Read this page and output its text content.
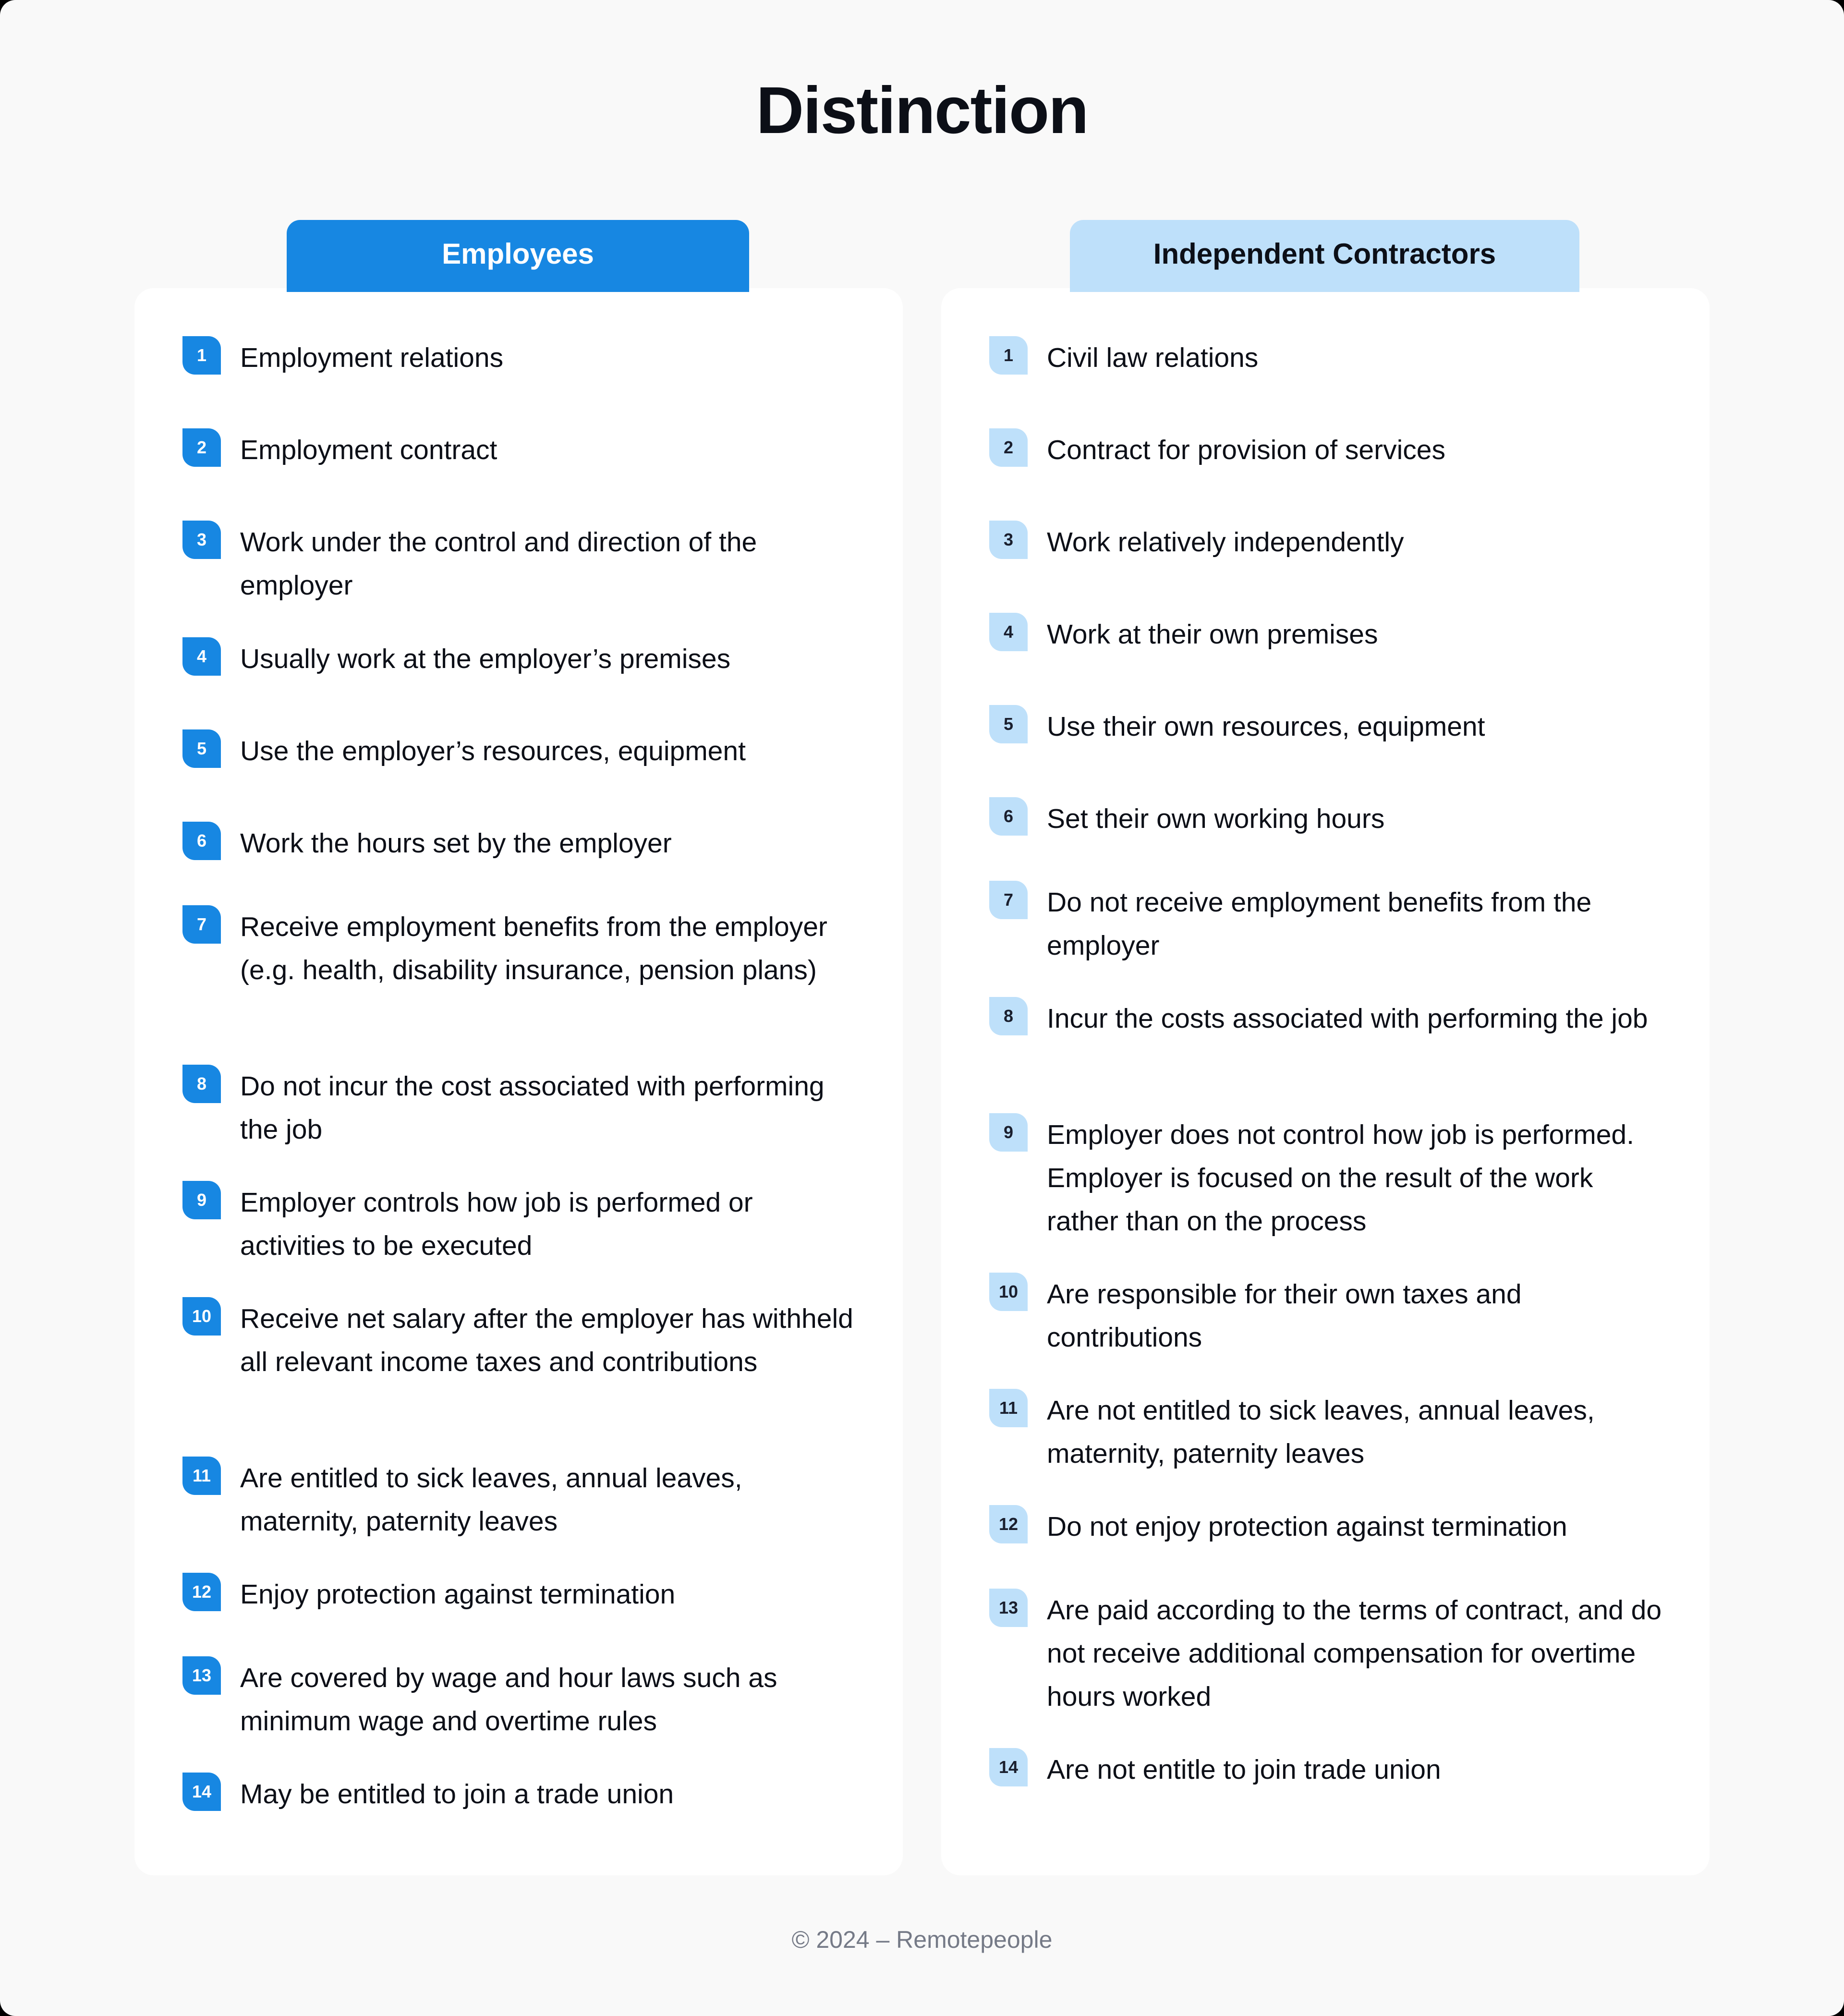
Distinction
1	Employment relations
2	Employment contract
3	Work under the control and direction of the employer
4	Usually work at the employer’s premises
5	Use the employer’s resources, equipment
6	Work the hours set by the employer
7	Receive employment benefits from the employer (e.g. health, disability insurance, pension plans)
8	Do not incur the cost associated with performing the job
9	Employer controls how job is performed or activities to be executed
10	Receive net salary after the employer has withheld all relevant income taxes and contributions
11	Are entitled to sick leaves, annual leaves, maternity, paternity leaves
12	Enjoy protection against termination
13	Are covered by wage and hour laws such as minimum wage and overtime rules
14	May be entitled to join a trade union
Employees
1	Civil law relations
2	Contract for provision of services
3	Work relatively independently
4	Work at their own premises
5	Use their own resources, equipment
6	Set their own working hours
7	Do not receive employment benefits from the employer
8	Incur the costs associated with performing the job
9	Employer does not control how job is performed. Employer is focused on the result of the work rather than on the process
10	Are responsible for their own taxes and contributions
11	Are not entitled to sick leaves, annual leaves, maternity, paternity leaves
12	Do not enjoy protection against termination
13	Are paid according to the terms of contract, and do not receive additional compensation for overtime hours worked
14	Are not entitle to join trade union
Independent Contractors
© 2024 – Remotepeople
